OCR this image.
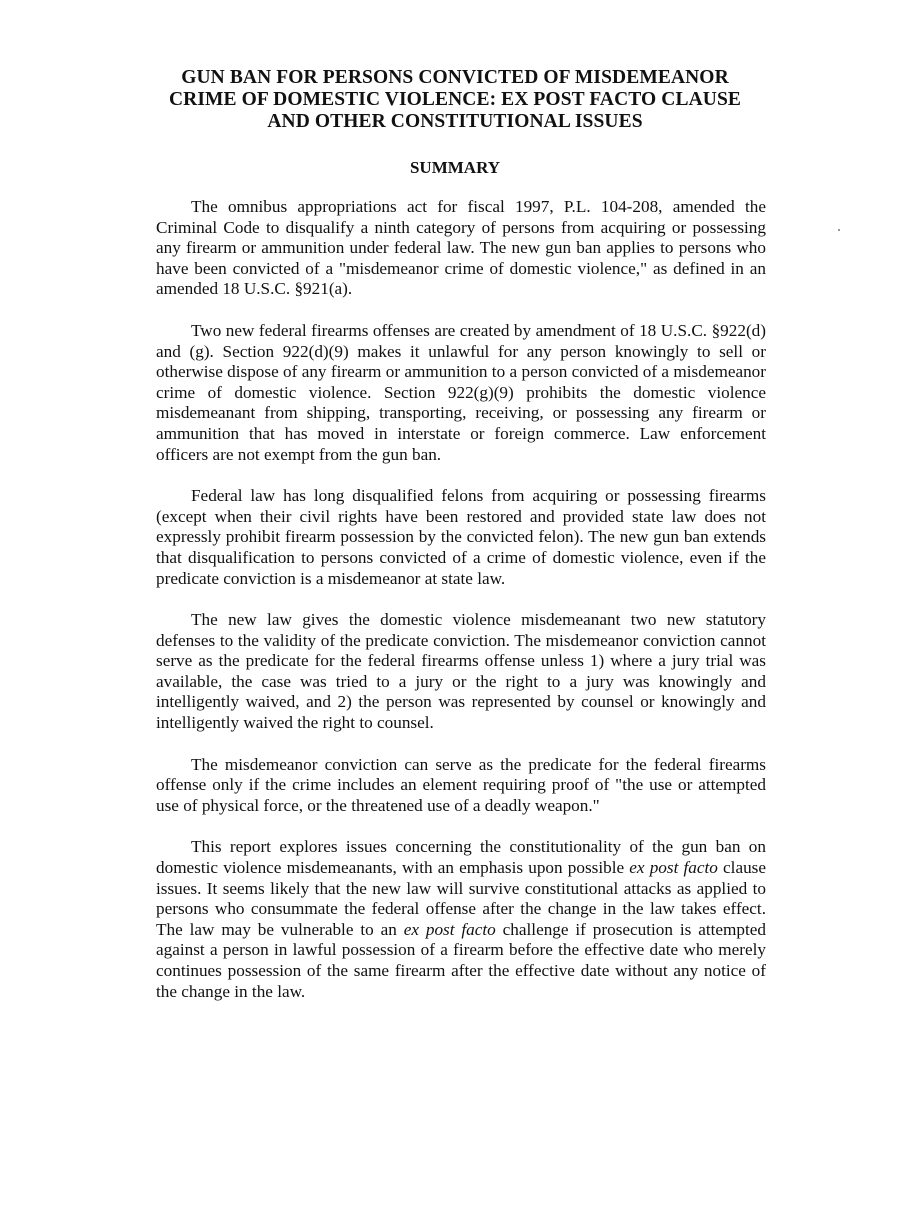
GUN BAN FOR PERSONS CONVICTED OF MISDEMEANOR
CRIME OF DOMESTIC VIOLENCE: EX POST FACTO CLAUSE
AND OTHER CONSTITUTIONAL ISSUES
SUMMARY

The omnibus appropriations act for fiscal 1997, P.L. 104-208, amended the Criminal Code to disqualify a ninth category of persons from acquiring or possessing any firearm or ammunition under federal law. The new gun ban applies to persons who have been convicted of a "misdemeanor crime of domestic violence," as defined in an amended 18 U.S.C. §921(a).

Two new federal firearms offenses are created by amendment of 18 U.S.C. §922(d) and (g). Section 922(d)(9) makes it unlawful for any person knowingly to sell or otherwise dispose of any firearm or ammunition to a person convicted of a misdemeanor crime of domestic violence. Section 922(g)(9) prohibits the domestic violence misdemeanant from shipping, transporting, receiving, or possessing any firearm or ammunition that has moved in interstate or foreign commerce. Law enforcement officers are not exempt from the gun ban.

Federal law has long disqualified felons from acquiring or possessing firearms (except when their civil rights have been restored and provided state law does not expressly prohibit firearm possession by the convicted felon). The new gun ban extends that disqualification to persons convicted of a crime of domestic violence, even if the predicate conviction is a misdemeanor at state law.

The new law gives the domestic violence misdemeanant two new statutory defenses to the validity of the predicate conviction. The misdemeanor conviction cannot serve as the predicate for the federal firearms offense unless 1) where a jury trial was available, the case was tried to a jury or the right to a jury was knowingly and intelligently waived, and 2) the person was represented by counsel or knowingly and intelligently waived the right to counsel.

The misdemeanor conviction can serve as the predicate for the federal firearms offense only if the crime includes an element requiring proof of "the use or attempted use of physical force, or the threatened use of a deadly weapon."

This report explores issues concerning the constitutionality of the gun ban on domestic violence misdemeanants, with an emphasis upon possible ex post facto clause issues. It seems likely that the new law will survive constitutional attacks as applied to persons who consummate the federal offense after the change in the law takes effect. The law may be vulnerable to an ex post facto challenge if prosecution is attempted against a person in lawful possession of a firearm before the effective date who merely continues possession of the same firearm after the effective date without any notice of the change in the law.
